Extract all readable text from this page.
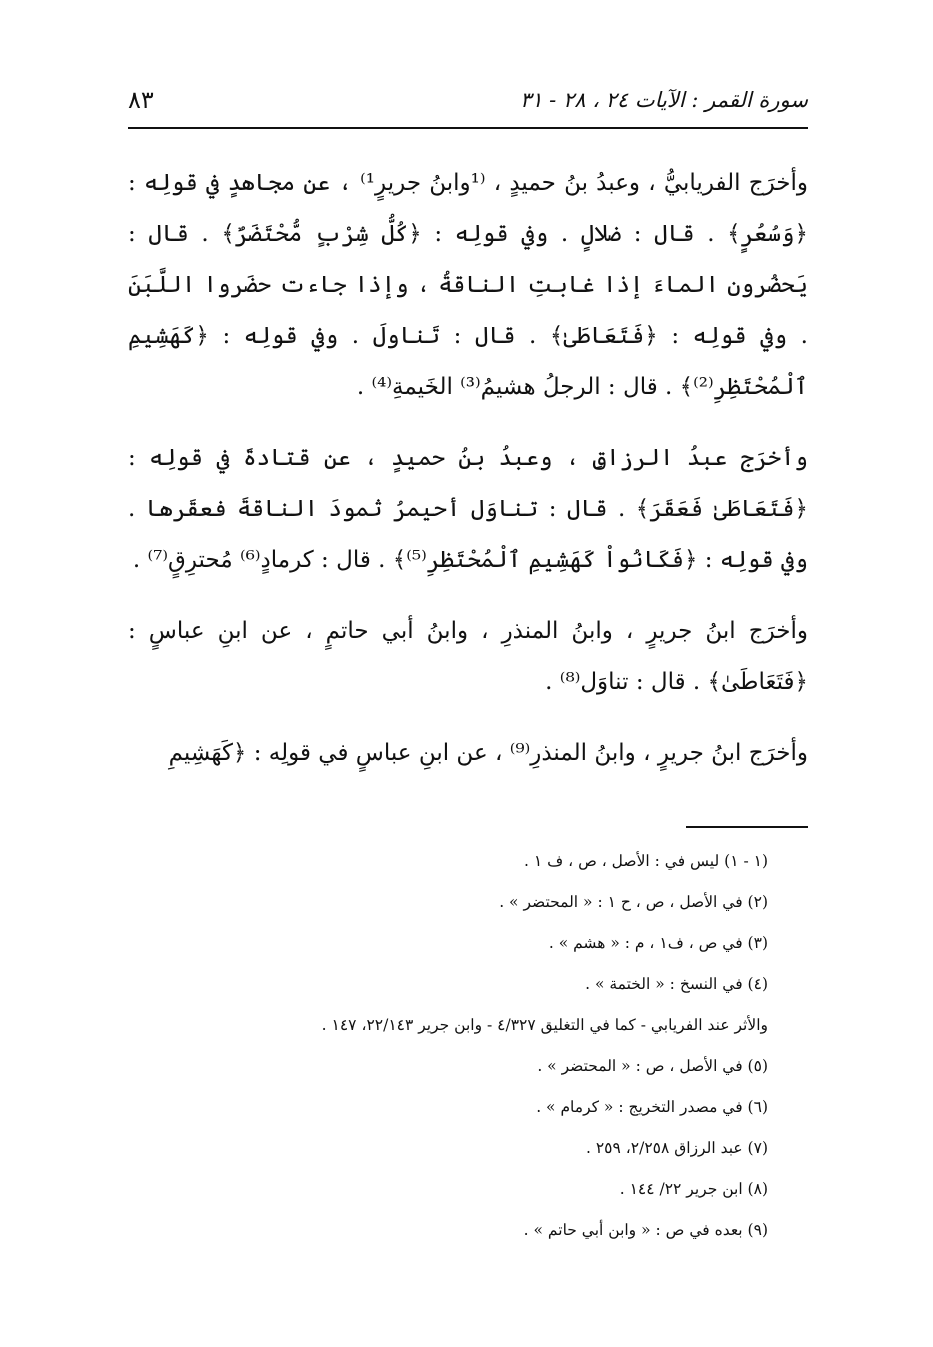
سورة القمر : الآيات ٢٤ ، ٢٨ - ٣١
٨٣

وأخرَج الفريابيُّ ، وعبدُ بنُ حميدٍ ، ⁽¹وابنُ جريرٍ¹⁾ ، عن مجاهدٍ في قولِه : ﴿وَسُعُرٍ﴾ . قال : ضلالٍ . وفي قولِه : ﴿كُلُّ شِرْبٍ مُّحْتَضَرٌ﴾ . قال : يَحضُرون الماءَ إذا غابتِ الناقةُ ، وإذا جاءت حضَروا اللَّبَنَ . وفي قولِه : ﴿فَتَعَاطَىٰ﴾ . قال : تَناولَ . وفي قولِه : ﴿كَهَشِيمِ ٱلْمُحْتَظِرِ⁽²⁾﴾ . قال : الرجلُ هشيمُ⁽³⁾ الخَيمةِ⁽⁴⁾ .

وأخرَج عبدُ الرزاقِ ، وعبدُ بنُ حميدٍ ، عن قتادةَ في قولِه : ﴿فَتَعَاطَىٰ فَعَقَرَ﴾ . قال : تناوَل أحيمرُ ثمودَ الناقةَ فعقَرها . وفي قولِه : ﴿فَكَانُواْ كَهَشِيمِ ٱلْمُحْتَظِرِ⁽⁵⁾﴾ . قال : كرمادٍ⁽⁶⁾ مُحترِقٍ⁽⁷⁾ .

وأخرَج ابنُ جريرٍ ، وابنُ المنذرِ ، وابنُ أبي حاتمٍ ، عن ابنِ عباسٍ : ﴿فَتَعَاطَىٰ﴾ . قال : تناوَل⁽⁸⁾ .

وأخرَج ابنُ جريرٍ ، وابنُ المنذرِ⁽⁹⁾ ، عن ابنِ عباسٍ في قولِه : ﴿كَهَشِيمِ

(١ - ١) ليس في : الأصل ، ص ، ف ١ .
(٢) في الأصل ، ص ، ح ١ : « المحتضر » .
(٣) في ص ، ف١ ، م : « هشم » .
(٤) في النسخ : « الختمة » .
والأثر عند الفريابي - كما في التغليق ٤/٣٢٧ - وابن جرير ٢٢/١٤٣، ١٤٧ .
(٥) في الأصل ، ص : « المحتضر » .
(٦) في مصدر التخريج : « كرمام » .
(٧) عبد الرزاق ٢/٢٥٨، ٢٥٩ .
(٨) ابن جرير ٢٢/ ١٤٤ .
(٩) بعده في ص : « وابن أبي حاتم » .
